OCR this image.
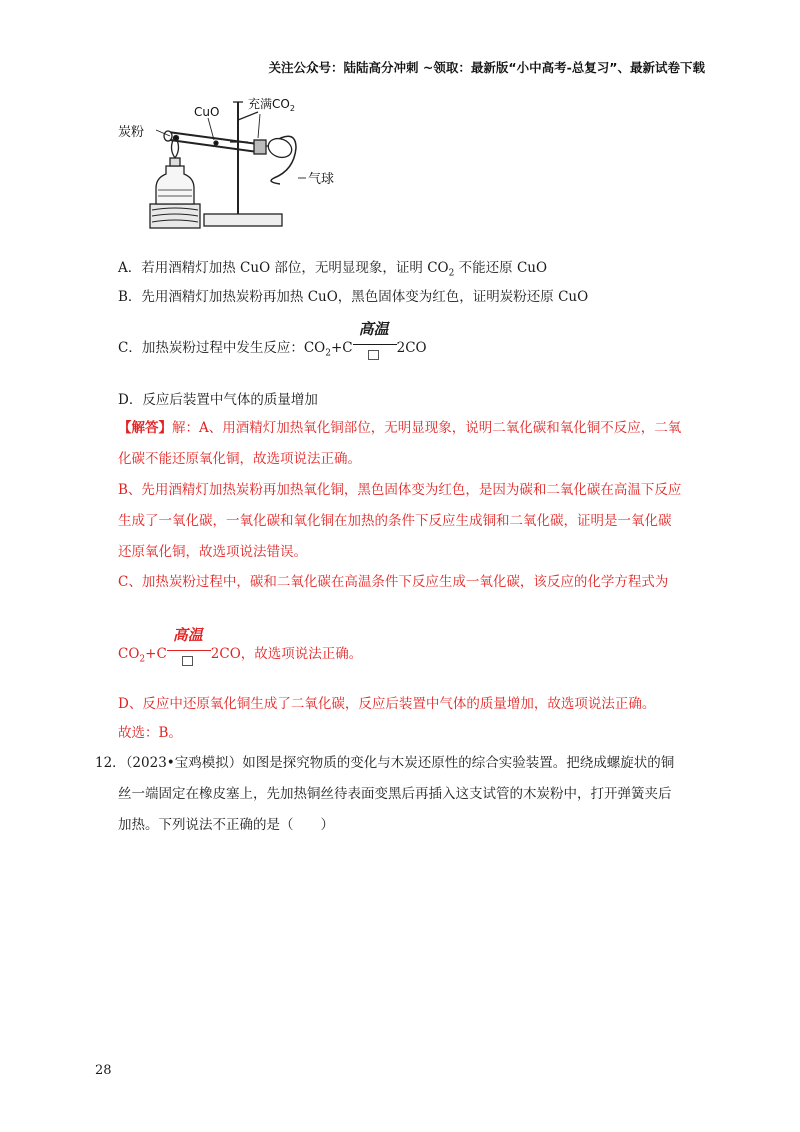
关注公众号：陆陆高分冲刺 ~领取：最新版“小中高考-总复习”、最新试卷下载
炭粉
CuO
充满$CO_2$
气球
A．若用酒精灯加热 CuO 部位，无明显现象，证明 $CO_2$ 不能还原 CuO
B．先用酒精灯加热炭粉再加热 CuO，黑色固体变为红色，证明炭粉还原 CuO
C．加热炭粉过程中发生反应：$CO_2+C$
高温
2CO
D．反应后装置中气体的质量增加
【解答】解：A、用酒精灯加热氧化铜部位，无明显现象，说明二氧化碳和氧化铜不反应，二氧
化碳不能还原氧化铜，故选项说法正确。
B、先用酒精灯加热炭粉再加热氧化铜，黑色固体变为红色，是因为碳和二氧化碳在高温下反应
生成了一氧化碳，一氧化碳和氧化铜在加热的条件下反应生成铜和二氧化碳，证明是一氧化碳
还原氧化铜，故选项说法错误。
C、加热炭粉过程中，碳和二氧化碳在高温条件下反应生成一氧化碳，该反应的化学方程式为
$CO_2+C$
高温
2CO，故选项说法正确。
D、反应中还原氧化铜生成了二氧化碳，反应后装置中气体的质量增加，故选项说法正确。
故选：B。
12．（2023•宝鸡模拟）如图是探究物质的变化与木炭还原性的综合实验装置。把绕成螺旋状的铜
丝一端固定在橡皮塞上，先加热铜丝待表面变黑后再插入这支试管的木炭粉中，打开弹簧夹后
加热。下列说法不正确的是（　　）
28
